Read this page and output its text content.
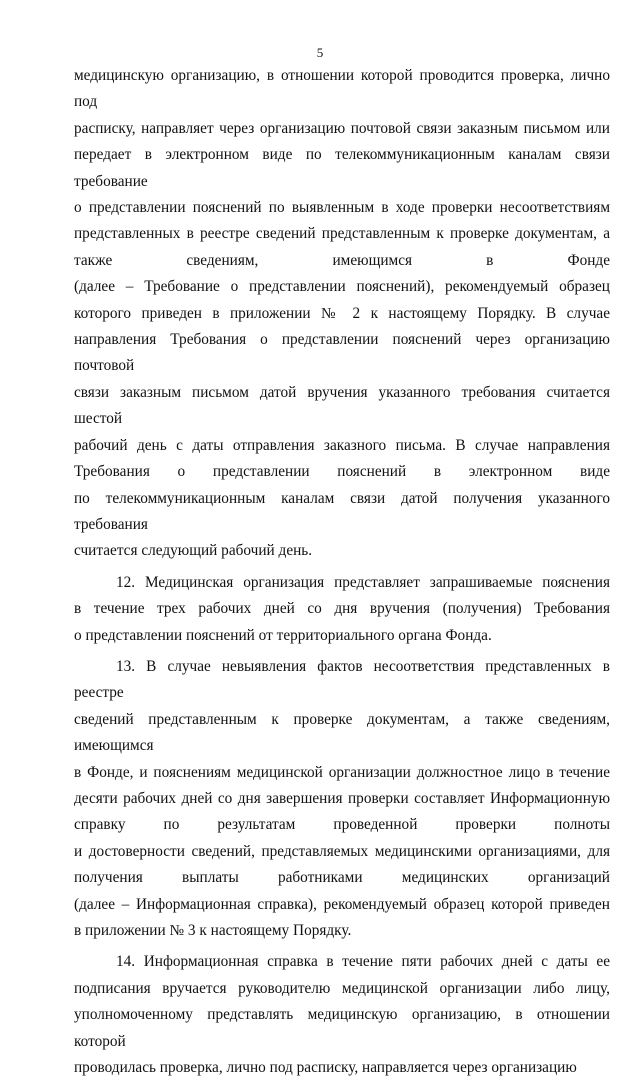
5

медицинскую организацию, в отношении которой проводится проверка, лично под
расписку, направляет через организацию почтовой связи заказным письмом или
передает в электронном виде по телекоммуникационным каналам связи требование
о представлении пояснений по выявленным в ходе проверки несоответствиям
представленных в реестре сведений представленным к проверке документам, а
также сведениям, имеющимся в Фонде
(далее – Требование о представлении пояснений), рекомендуемый образец
которого приведен в приложении № 2 к настоящему Порядку. В случае
направления Требования о представлении пояснений через организацию почтовой
связи заказным письмом датой вручения указанного требования считается шестой
рабочий день с даты отправления заказного письма. В случае направления
Требования о представлении пояснений в электронном виде
по телекоммуникационным каналам связи датой получения указанного требования
считается следующий рабочий день.

12. Медицинская организация представляет запрашиваемые пояснения
в течение трех рабочих дней со дня вручения (получения) Требования
о представлении пояснений от территориального органа Фонда.

13. В случае невыявления фактов несоответствия представленных в реестре
сведений представленным к проверке документам, а также сведениям, имеющимся
в Фонде, и пояснениям медицинской организации должностное лицо в течение
десяти рабочих дней со дня завершения проверки составляет Информационную
справку по результатам проведенной проверки полноты
и достоверности сведений, представляемых медицинскими организациями, для
получения выплаты работниками медицинских организаций
(далее – Информационная справка), рекомендуемый образец которой приведен
в приложении № 3 к настоящему Порядку.

14. Информационная справка в течение пяти рабочих дней с даты ее
подписания вручается руководителю медицинской организации либо лицу,
уполномоченному представлять медицинскую организацию, в отношении которой
проводилась проверка, лично под расписку, направляется через организацию
